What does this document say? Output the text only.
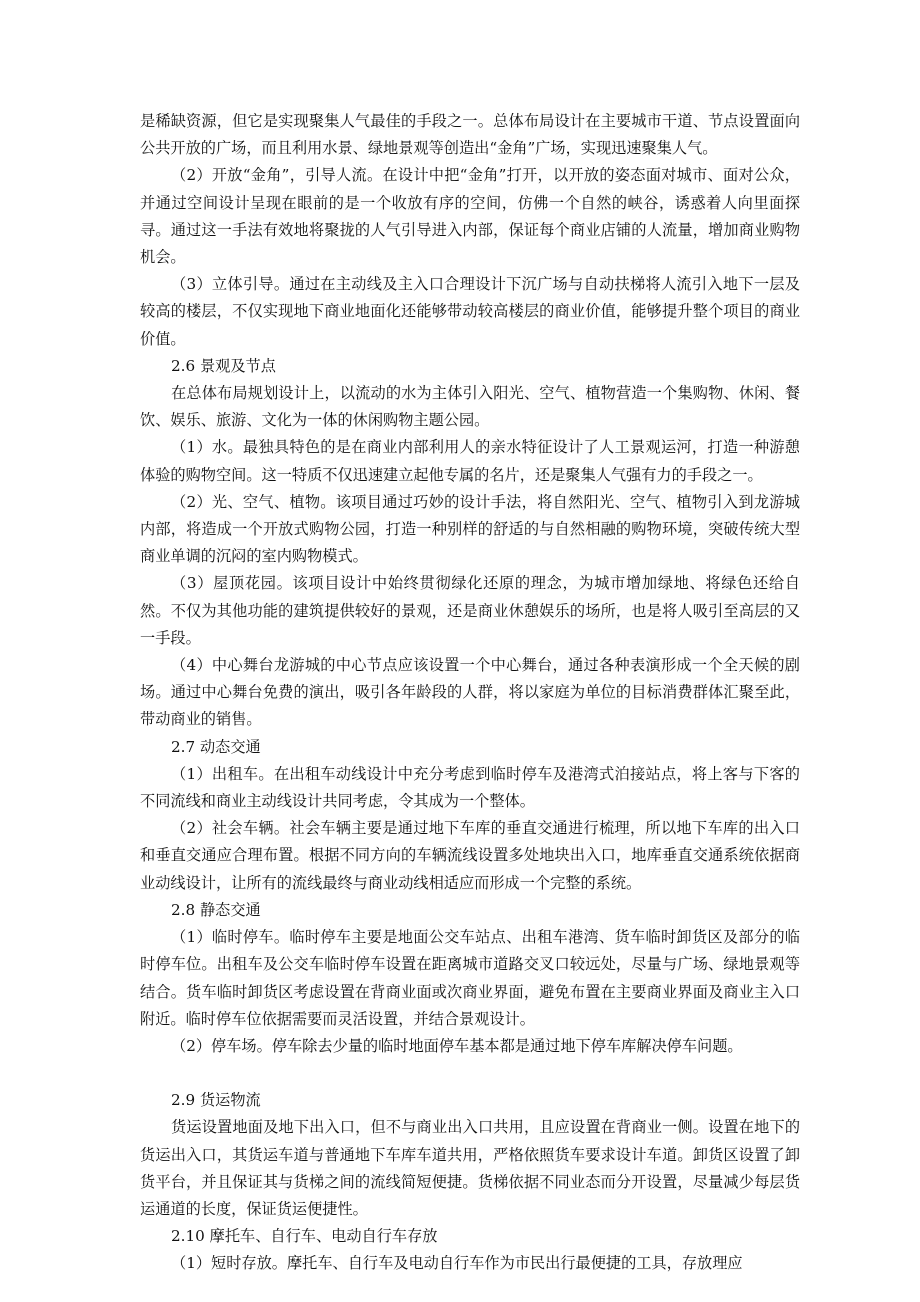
是稀缺资源，但它是实现聚集人气最佳的手段之一。总体布局设计在主要城市干道、节点设置面向公共开放的广场，而且利用水景、绿地景观等创造出“金角”广场，实现迅速聚集人气。

（2）开放“金角”，引导人流。在设计中把“金角”打开，以开放的姿态面对城市、面对公众，并通过空间设计呈现在眼前的是一个收放有序的空间，仿佛一个自然的峡谷，诱惑着人向里面探寻。通过这一手法有效地将聚拢的人气引导进入内部，保证每个商业店铺的人流量，增加商业购物机会。

（3）立体引导。通过在主动线及主入口合理设计下沉广场与自动扶梯将人流引入地下一层及较高的楼层，不仅实现地下商业地面化还能够带动较高楼层的商业价值，能够提升整个项目的商业价值。

2.6 景观及节点

在总体布局规划设计上，以流动的水为主体引入阳光、空气、植物营造一个集购物、休闲、餐饮、娱乐、旅游、文化为一体的休闲购物主题公园。

（1）水。最独具特色的是在商业内部利用人的亲水特征设计了人工景观运河，打造一种游憩体验的购物空间。这一特质不仅迅速建立起他专属的名片，还是聚集人气强有力的手段之一。

（2）光、空气、植物。该项目通过巧妙的设计手法，将自然阳光、空气、植物引入到龙游城内部，将造成一个开放式购物公园，打造一种别样的舒适的与自然相融的购物环境，突破传统大型商业单调的沉闷的室内购物模式。

（3）屋顶花园。该项目设计中始终贯彻绿化还原的理念，为城市增加绿地、将绿色还给自然。不仅为其他功能的建筑提供较好的景观，还是商业休憩娱乐的场所，也是将人吸引至高层的又一手段。

（4）中心舞台龙游城的中心节点应该设置一个中心舞台，通过各种表演形成一个全天候的剧场。通过中心舞台免费的演出，吸引各年龄段的人群，将以家庭为单位的目标消费群体汇聚至此，带动商业的销售。

2.7 动态交通

（1）出租车。在出租车动线设计中充分考虑到临时停车及港湾式泊接站点，将上客与下客的不同流线和商业主动线设计共同考虑，令其成为一个整体。

（2）社会车辆。社会车辆主要是通过地下车库的垂直交通进行梳理，所以地下车库的出入口和垂直交通应合理布置。根据不同方向的车辆流线设置多处地块出入口，地库垂直交通系统依据商业动线设计，让所有的流线最终与商业动线相适应而形成一个完整的系统。

2.8 静态交通

（1）临时停车。临时停车主要是地面公交车站点、出租车港湾、货车临时卸货区及部分的临时停车位。出租车及公交车临时停车设置在距离城市道路交叉口较远处，尽量与广场、绿地景观等结合。货车临时卸货区考虑设置在背商业面或次商业界面，避免布置在主要商业界面及商业主入口附近。临时停车位依据需要而灵活设置，并结合景观设计。

（2）停车场。停车除去少量的临时地面停车基本都是通过地下停车库解决停车问题。

2.9 货运物流

货运设置地面及地下出入口，但不与商业出入口共用，且应设置在背商业一侧。设置在地下的货运出入口，其货运车道与普通地下车库车道共用，严格依照货车要求设计车道。卸货区设置了卸货平台，并且保证其与货梯之间的流线简短便捷。货梯依据不同业态而分开设置，尽量减少每层货运通道的长度，保证货运便捷性。

2.10 摩托车、自行车、电动自行车存放

（1）短时存放。摩托车、自行车及电动自行车作为市民出行最便捷的工具，存放理应
